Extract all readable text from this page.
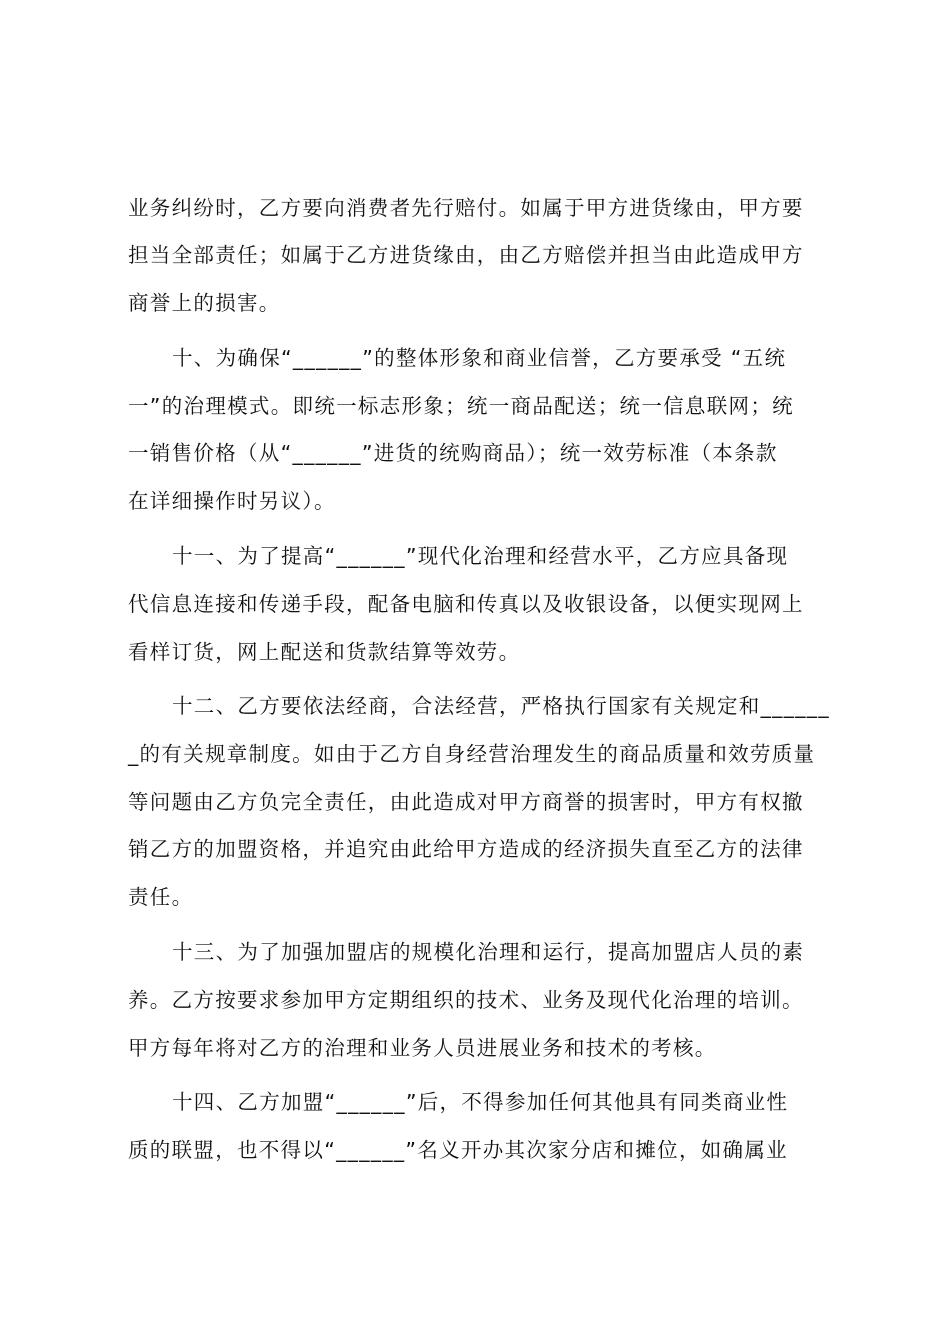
业务纠纷时，乙方要向消费者先行赔付。如属于甲方进货缘由，甲方要
担当全部责任；如属于乙方进货缘由，由乙方赔偿并担当由此造成甲方
商誉上的损害。
十、为确保“______”的整体形象和商业信誉，乙方要承受 “五统
一”的治理模式。即统一标志形象；统一商品配送；统一信息联网；统
一销售价格（从“______”进货的统购商品）；统一效劳标准（本条款
在详细操作时另议）。
十一、为了提高“______”现代化治理和经营水平，乙方应具备现
代信息连接和传递手段，配备电脑和传真以及收银设备，以便实现网上
看样订货，网上配送和货款结算等效劳。
十二、乙方要依法经商，合法经营，严格执行国家有关规定和______
_的有关规章制度。如由于乙方自身经营治理发生的商品质量和效劳质量
等问题由乙方负完全责任，由此造成对甲方商誉的损害时，甲方有权撤
销乙方的加盟资格，并追究由此给甲方造成的经济损失直至乙方的法律
责任。
十三、为了加强加盟店的规模化治理和运行，提高加盟店人员的素
养。乙方按要求参加甲方定期组织的技术、业务及现代化治理的培训。
甲方每年将对乙方的治理和业务人员进展业务和技术的考核。
十四、乙方加盟“______”后，不得参加任何其他具有同类商业性
质的联盟，也不得以“______”名义开办其次家分店和摊位，如确属业
